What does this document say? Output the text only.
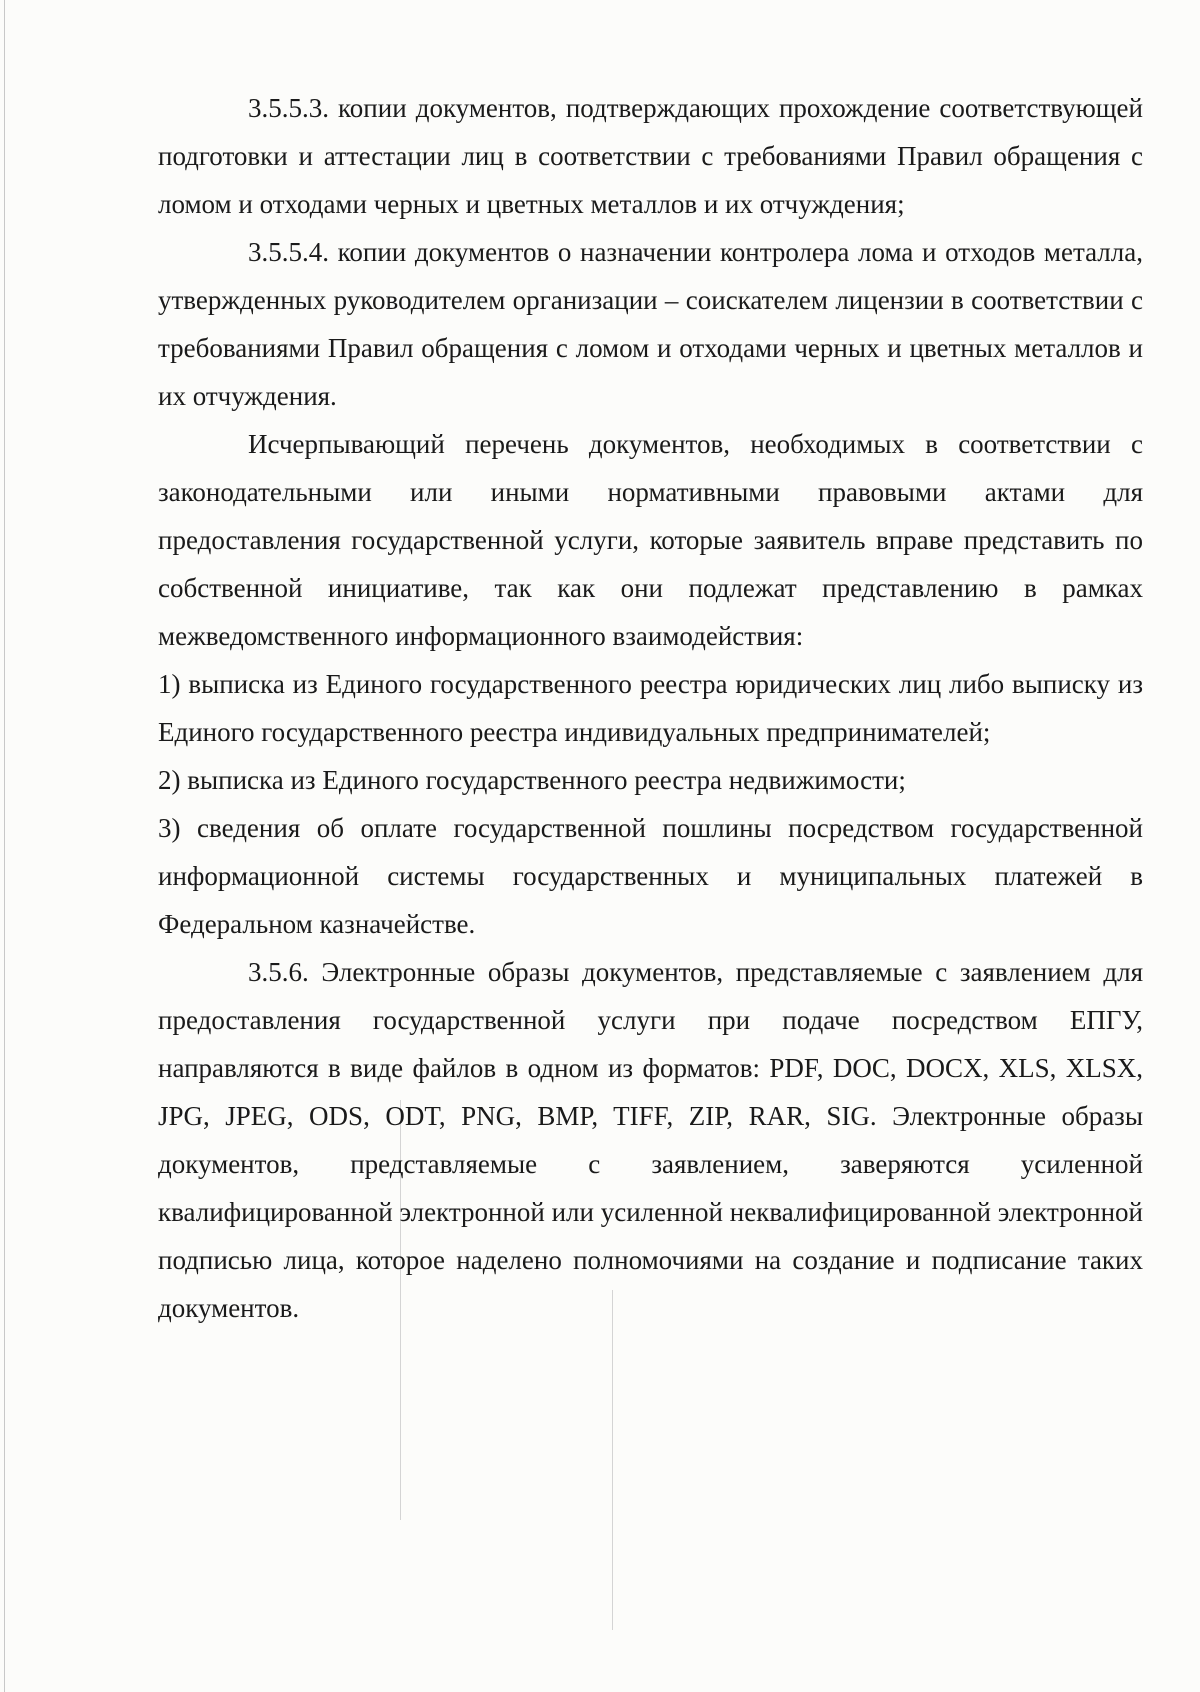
3.5.5.3. копии документов, подтверждающих прохождение соответствующей подготовки и аттестации лиц в соответствии с требованиями Правил обращения с ломом и отходами черных и цветных металлов и их отчуждения;

3.5.5.4. копии документов о назначении контролера лома и отходов металла, утвержденных руководителем организации – соискателем лицензии в соответствии с требованиями Правил обращения с ломом и отходами черных и цветных металлов и их отчуждения.

Исчерпывающий перечень документов, необходимых в соответствии с законодательными или иными нормативными правовыми актами для предоставления государственной услуги, которые заявитель вправе представить по собственной инициативе, так как они подлежат представлению в рамках межведомственного информационного взаимодействия:

1) выписка из Единого государственного реестра юридических лиц либо выписку из Единого государственного реестра индивидуальных предпринимателей;

2) выписка из Единого государственного реестра недвижимости;

3) сведения об оплате государственной пошлины посредством государственной информационной системы государственных и муниципальных платежей в Федеральном казначействе.

3.5.6. Электронные образы документов, представляемые с заявлением для предоставления государственной услуги при подаче посредством ЕПГУ, направляются в виде файлов в одном из форматов: PDF, DOC, DOCX, XLS, XLSX, JPG, JPEG, ODS, ODT, PNG, BMP, TIFF, ZIP, RAR, SIG. Электронные образы документов, представляемые с заявлением, заверяются усиленной квалифицированной электронной или усиленной неквалифицированной электронной подписью лица, которое наделено полномочиями на создание и подписание таких документов.
